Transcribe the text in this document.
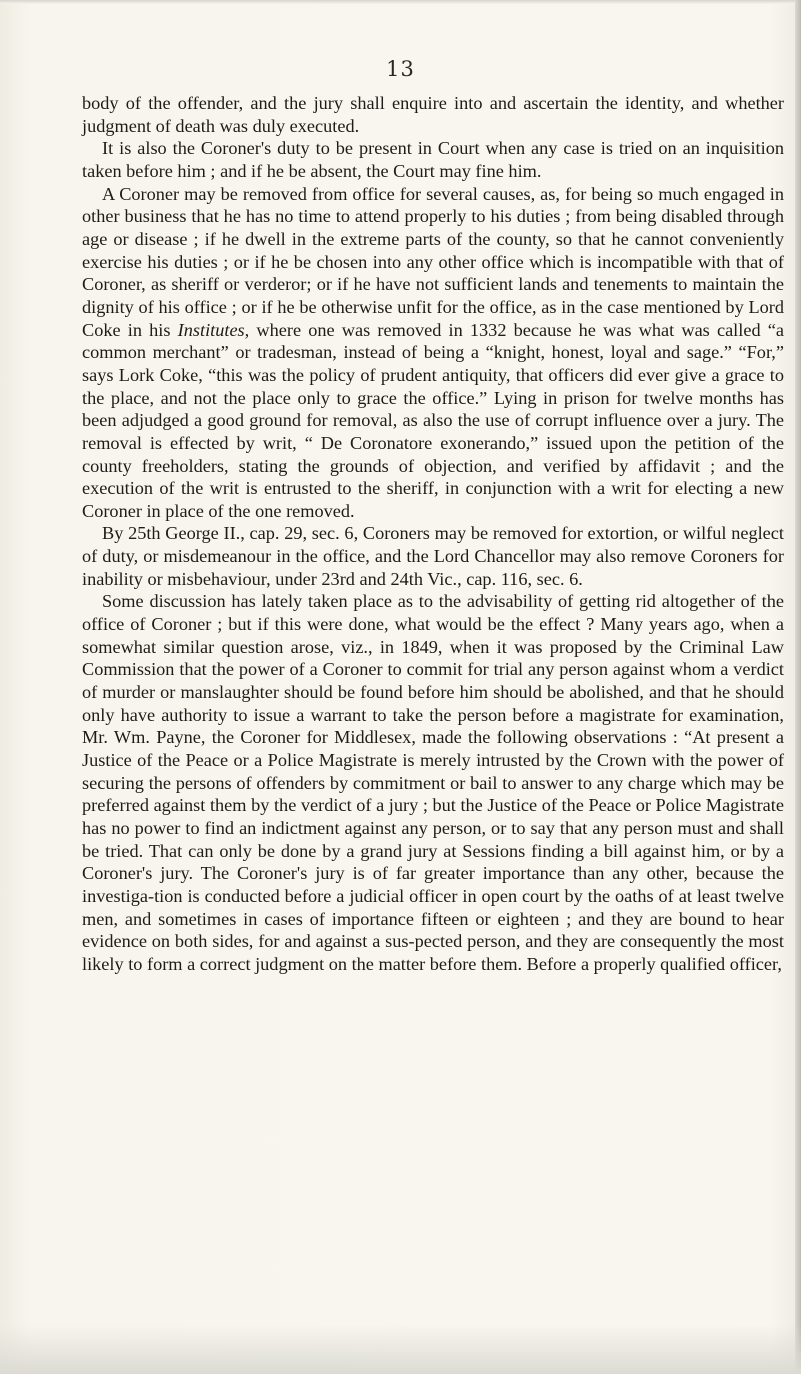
13

body of the offender, and the jury shall enquire into and ascertain the identity, and whether judgment of death was duly executed.

It is also the Coroner's duty to be present in Court when any case is tried on an inquisition taken before him ; and if he be absent, the Court may fine him.

A Coroner may be removed from office for several causes, as, for being so much engaged in other business that he has no time to attend properly to his duties ; from being disabled through age or disease ; if he dwell in the extreme parts of the county, so that he cannot conveniently exercise his duties ; or if he be chosen into any other office which is incompatible with that of Coroner, as sheriff or verderor; or if he have not sufficient lands and tenements to maintain the dignity of his office ; or if he be otherwise unfit for the office, as in the case mentioned by Lord Coke in his Institutes, where one was removed in 1332 because he was what was called “a common merchant” or tradesman, instead of being a “knight, honest, loyal and sage.” “For,” says Lork Coke, “this was the policy of prudent antiquity, that officers did ever give a grace to the place, and not the place only to grace the office.” Lying in prison for twelve months has been adjudged a good ground for removal, as also the use of corrupt influence over a jury. The removal is effected by writ, “ De Coronatore exonerando,” issued upon the petition of the county freeholders, stating the grounds of objection, and verified by affidavit ; and the execution of the writ is entrusted to the sheriff, in conjunction with a writ for electing a new Coroner in place of the one removed.

By 25th George II., cap. 29, sec. 6, Coroners may be removed for extortion, or wilful neglect of duty, or misdemeanour in the office, and the Lord Chancellor may also remove Coroners for inability or misbehaviour, under 23rd and 24th Vic., cap. 116, sec. 6.

Some discussion has lately taken place as to the advisability of getting rid altogether of the office of Coroner ; but if this were done, what would be the effect ? Many years ago, when a somewhat similar question arose, viz., in 1849, when it was proposed by the Criminal Law Commission that the power of a Coroner to commit for trial any person against whom a verdict of murder or manslaughter should be found before him should be abolished, and that he should only have authority to issue a warrant to take the person before a magistrate for examination, Mr. Wm. Payne, the Coroner for Middlesex, made the following observations : “At present a Justice of the Peace or a Police Magistrate is merely intrusted by the Crown with the power of securing the persons of offenders by commitment or bail to answer to any charge which may be preferred against them by the verdict of a jury ; but the Justice of the Peace or Police Magistrate has no power to find an indictment against any person, or to say that any person must and shall be tried. That can only be done by a grand jury at Sessions finding a bill against him, or by a Coroner's jury. The Coroner's jury is of far greater importance than any other, because the investiga-tion is conducted before a judicial officer in open court by the oaths of at least twelve men, and sometimes in cases of importance fifteen or eighteen ; and they are bound to hear evidence on both sides, for and against a sus-pected person, and they are consequently the most likely to form a correct judgment on the matter before them. Before a properly qualified officer,
